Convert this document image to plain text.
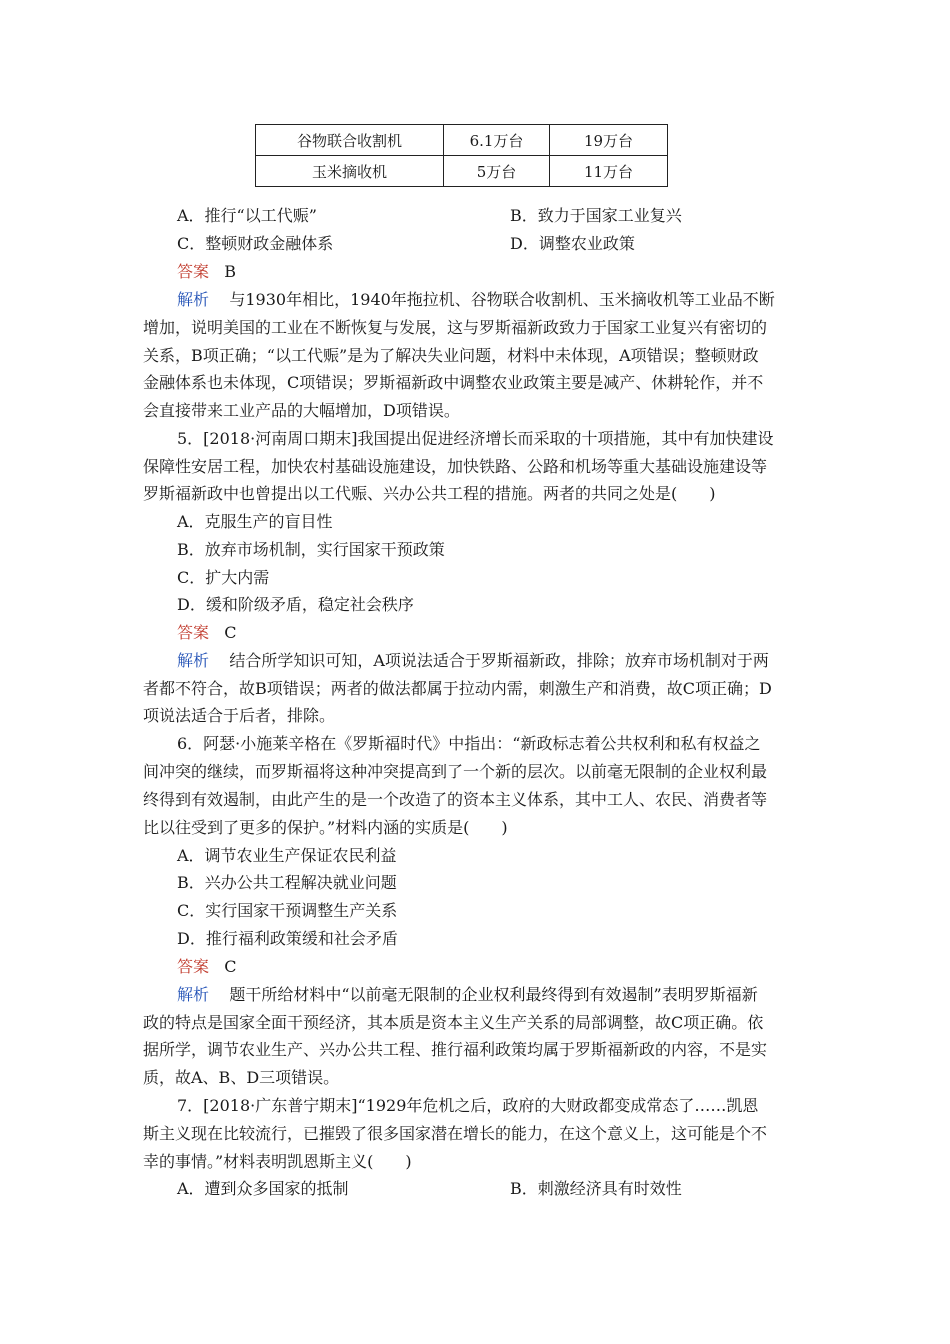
谷物联合收割机	6.1万台	19万台
玉米摘收机	5万台	11万台
A．推行“以工代赈”	B．致力于国家工业复兴
C．整顿财政金融体系	D．调整农业政策
答案 B
解析 与1930年相比，1940年拖拉机、谷物联合收割机、玉米摘收机等工业品不断
增加，说明美国的工业在不断恢复与发展，这与罗斯福新政致力于国家工业复兴有密切的
关系，B项正确；“以工代赈”是为了解决失业问题，材料中未体现，A项错误；整顿财政
金融体系也未体现，C项错误；罗斯福新政中调整农业政策主要是减产、休耕轮作，并不
会直接带来工业产品的大幅增加，D项错误。
5．[2018·河南周口期末]我国提出促进经济增长而采取的十项措施，其中有加快建设
保障性安居工程，加快农村基础设施建设，加快铁路、公路和机场等重大基础设施建设等
罗斯福新政中也曾提出以工代赈、兴办公共工程的措施。两者的共同之处是(　　)
A．克服生产的盲目性
B．放弃市场机制，实行国家干预政策
C．扩大内需
D．缓和阶级矛盾，稳定社会秩序
答案 C
解析 结合所学知识可知，A项说法适合于罗斯福新政，排除；放弃市场机制对于两
者都不符合，故B项错误；两者的做法都属于拉动内需，刺激生产和消费，故C项正确；D
项说法适合于后者，排除。
6．阿瑟·小施莱辛格在《罗斯福时代》中指出：“新政标志着公共权利和私有权益之
间冲突的继续，而罗斯福将这种冲突提高到了一个新的层次。以前毫无限制的企业权利最
终得到有效遏制，由此产生的是一个改造了的资本主义体系，其中工人、农民、消费者等
比以往受到了更多的保护。”材料内涵的实质是(　　)
A．调节农业生产保证农民利益
B．兴办公共工程解决就业问题
C．实行国家干预调整生产关系
D．推行福利政策缓和社会矛盾
答案 C
解析 题干所给材料中“以前毫无限制的企业权利最终得到有效遏制”表明罗斯福新
政的特点是国家全面干预经济，其本质是资本主义生产关系的局部调整，故C项正确。依
据所学，调节农业生产、兴办公共工程、推行福利政策均属于罗斯福新政的内容，不是实
质，故A、B、D三项错误。
7．[2018·广东普宁期末]“1929年危机之后，政府的大财政都变成常态了……凯恩
斯主义现在比较流行，已摧毁了很多国家潜在增长的能力，在这个意义上，这可能是个不
幸的事情。”材料表明凯恩斯主义(　　)
A．遭到众多国家的抵制	B．刺激经济具有时效性
